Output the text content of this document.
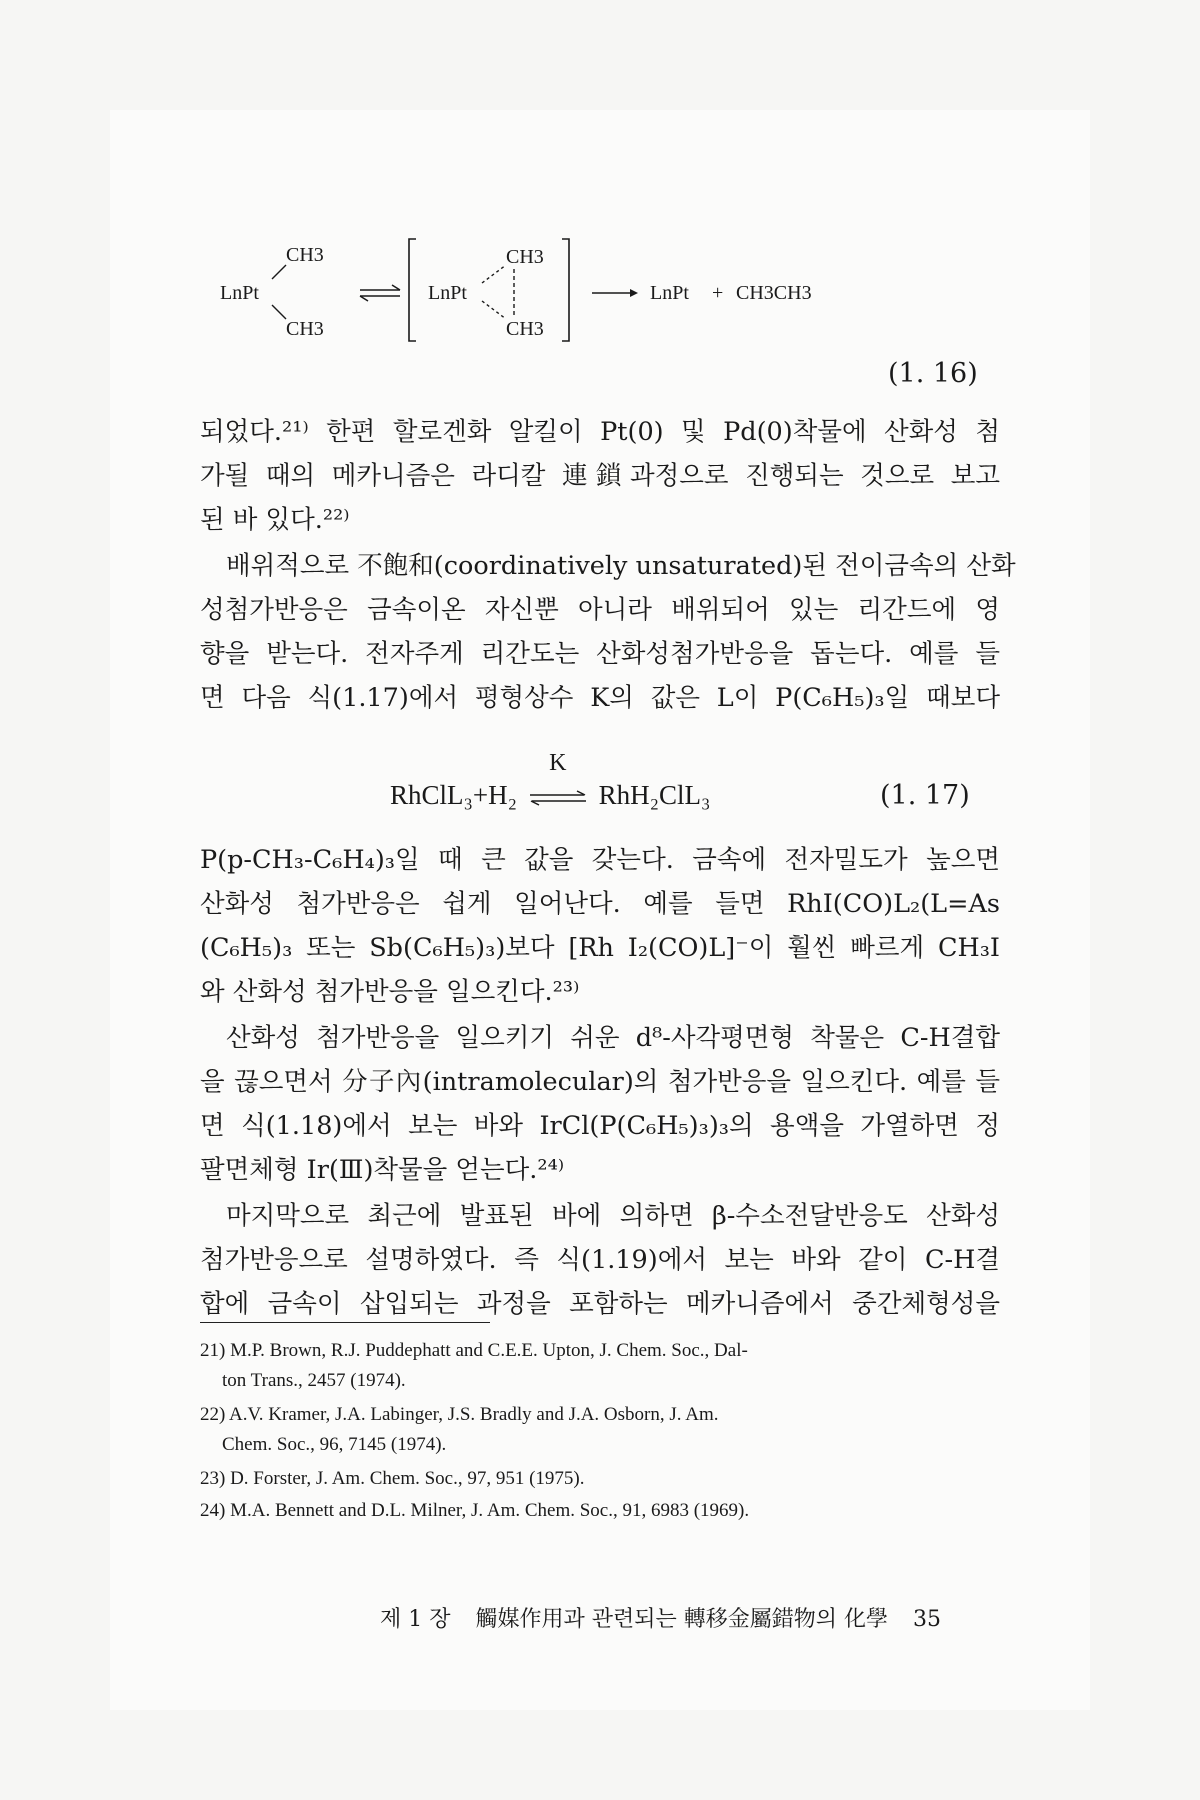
LnPt
CH3
CH3
LnPt
CH3
CH3
LnPt + CH3CH3
(1. 16)
되었다.²¹⁾ 한편 할로겐화 알킬이 Pt(0) 및 Pd(0)착물에 산화성 첨
가될 때의 메카니즘은 라디칼 連鎖과정으로 진행되는 것으로 보고
된 바 있다.²²⁾
배위적으로 不飽和(coordinatively unsaturated)된 전이금속의 산화
성첨가반응은 금속이온 자신뿐 아니라 배위되어 있는 리간드에 영
향을 받는다. 전자주게 리간도는 산화성첨가반응을 돕는다. 예를 들
면 다음 식(1.17)에서 평형상수 K의 값은 L이 P(C₆H₅)₃일 때보다
RhClL₃+H₂
K
RhH₂ClL₃	(1. 17)
P(p-CH₃-C₆H₄)₃일 때 큰 값을 갖는다. 금속에 전자밀도가 높으면
산화성 첨가반응은 쉽게 일어난다. 예를 들면 RhI(CO)L₂(L=As
(C₆H₅)₃ 또는 Sb(C₆H₅)₃)보다 [Rh I₂(CO)L]⁻이 훨씬 빠르게 CH₃I
와 산화성 첨가반응을 일으킨다.²³⁾
산화성 첨가반응을 일으키기 쉬운 d⁸-사각평면형 착물은 C-H결합
을 끊으면서 分子內(intramolecular)의 첨가반응을 일으킨다. 예를 들
면 식(1.18)에서 보는 바와 IrCl(P(C₆H₅)₃)₃의 용액을 가열하면 정
팔면체형 Ir(Ⅲ)착물을 얻는다.²⁴⁾
마지막으로 최근에 발표된 바에 의하면 β-수소전달반응도 산화성
첨가반응으로 설명하였다. 즉 식(1.19)에서 보는 바와 같이 C-H결
합에 금속이 삽입되는 과정을 포함하는 메카니즘에서 중간체형성을
21) M.P. Brown, R.J. Puddephatt and C.E.E. Upton, J. Chem. Soc., Dal-
ton Trans., 2457 (1974).
22) A.V. Kramer, J.A. Labinger, J.S. Bradly and J.A. Osborn, J. Am.
Chem. Soc., 96, 7145 (1974).
23) D. Forster, J. Am. Chem. Soc., 97, 951 (1975).
24) M.A. Bennett and D.L. Milner, J. Am. Chem. Soc., 91, 6983 (1969).
제 1 장 觸媒作用과 관련되는 轉移金屬錯物의 化學 35
